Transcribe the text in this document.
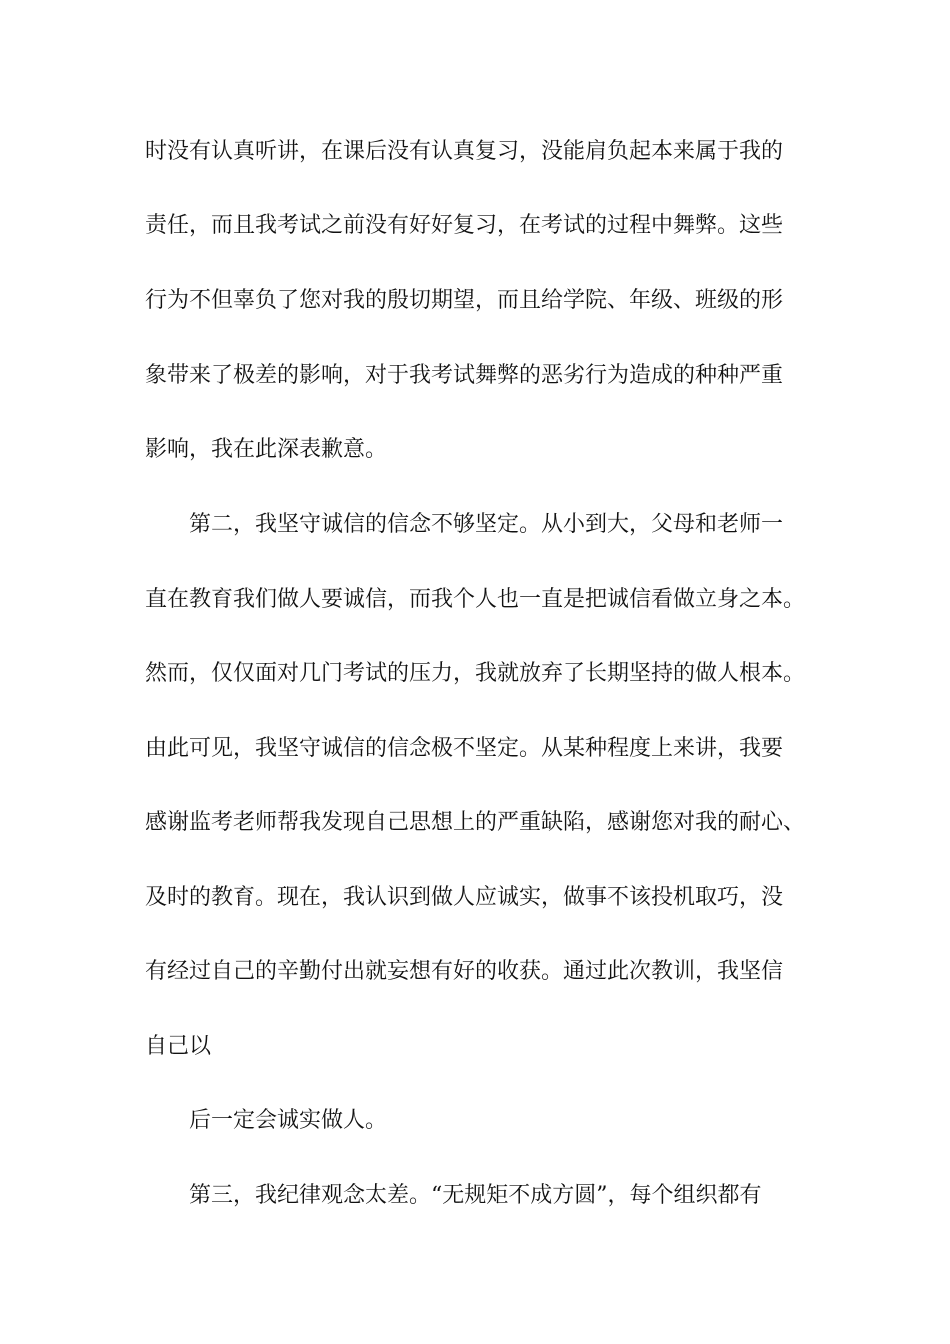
时没有认真听讲，在课后没有认真复习，没能肩负起本来属于我的
责任，而且我考试之前没有好好复习，在考试的过程中舞弊。这些
行为不但辜负了您对我的殷切期望，而且给学院、年级、班级的形
象带来了极差的影响，对于我考试舞弊的恶劣行为造成的种种严重
影响，我在此深表歉意。
第二，我坚守诚信的信念不够坚定。从小到大，父母和老师一
直在教育我们做人要诚信，而我个人也一直是把诚信看做立身之本。
然而，仅仅面对几门考试的压力，我就放弃了长期坚持的做人根本。
由此可见，我坚守诚信的信念极不坚定。从某种程度上来讲，我要
感谢监考老师帮我发现自己思想上的严重缺陷，感谢您对我的耐心、
及时的教育。现在，我认识到做人应诚实，做事不该投机取巧，没
有经过自己的辛勤付出就妄想有好的收获。通过此次教训，我坚信
自己以
后一定会诚实做人。
第三，我纪律观念太差。“无规矩不成方圆”，每个组织都有
